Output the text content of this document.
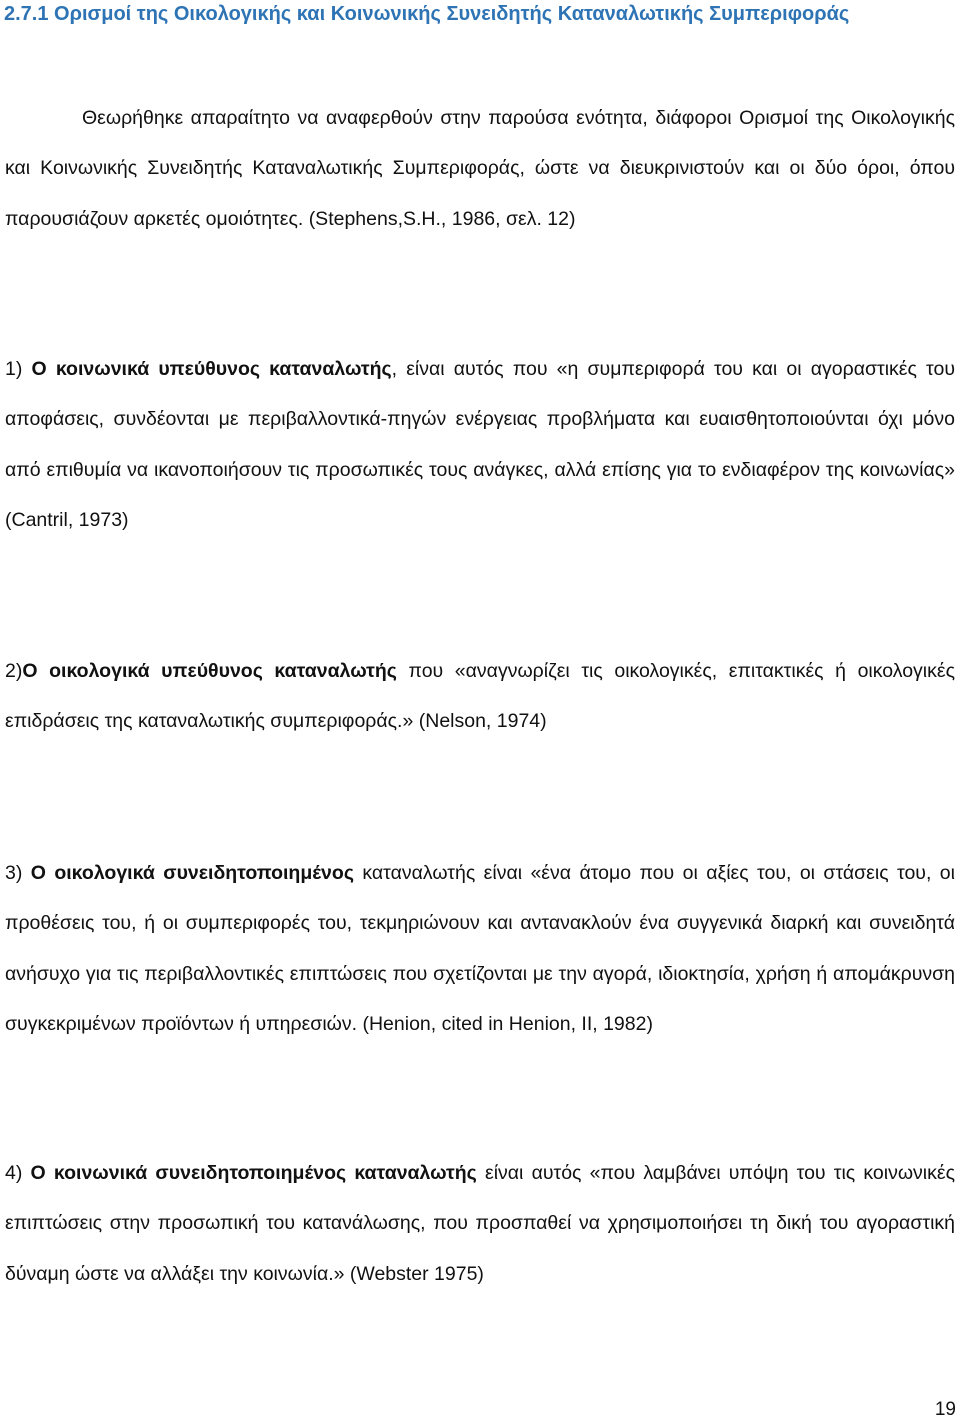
2.7.1 Ορισμοί της Οικολογικής και Κοινωνικής Συνειδητής Καταναλωτικής Συμπεριφοράς

Θεωρήθηκε απαραίτητο να αναφερθούν στην παρούσα ενότητα, διάφοροι Ορισμοί της Οικολογικής και Κοινωνικής Συνειδητής Καταναλωτικής Συμπεριφοράς, ώστε να διευκρινιστούν και οι δύο όροι, όπου παρουσιάζουν αρκετές ομοιότητες. (Stephens,S.H., 1986, σελ. 12)

1) Ο κοινωνικά υπεύθυνος καταναλωτής, είναι αυτός που «η συμπεριφορά του και οι αγοραστικές του αποφάσεις, συνδέονται με περιβαλλοντικά-πηγών ενέργειας προβλήματα και ευαισθητοποιούνται όχι μόνο από επιθυμία να ικανοποιήσουν τις προσωπικές τους ανάγκες, αλλά επίσης για το ενδιαφέρον της κοινωνίας» (Cantril, 1973)

2)Ο οικολογικά υπεύθυνος καταναλωτής που «αναγνωρίζει τις οικολογικές, επιτακτικές ή οικολογικές επιδράσεις της καταναλωτικής συμπεριφοράς.» (Nelson, 1974)

3) Ο οικολογικά συνειδητοποιημένος καταναλωτής είναι «ένα άτομο που οι αξίες του, οι στάσεις του, οι προθέσεις του, ή οι συμπεριφορές του, τεκμηριώνουν και αντανακλούν ένα συγγενικά διαρκή και συνειδητά ανήσυχο για τις περιβαλλοντικές επιπτώσεις που σχετίζονται με την αγορά, ιδιοκτησία, χρήση ή απομάκρυνση συγκεκριμένων προϊόντων ή υπηρεσιών. (Henion, cited in Henion, II, 1982)

4) Ο κοινωνικά συνειδητοποιημένος καταναλωτής είναι αυτός «που λαμβάνει υπόψη του τις κοινωνικές επιπτώσεις στην προσωπική του κατανάλωσης, που προσπαθεί να χρησιμοποιήσει τη δική του αγοραστική δύναμη ώστε να αλλάξει την κοινωνία.» (Webster 1975)

19
